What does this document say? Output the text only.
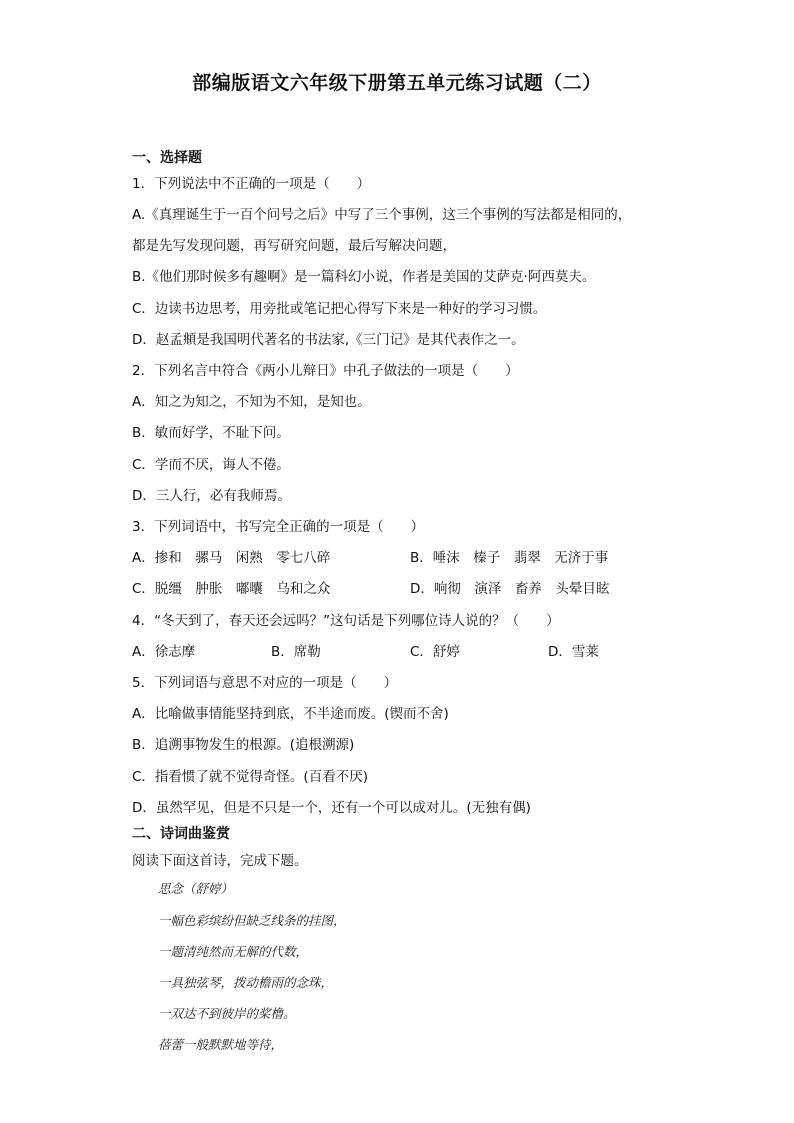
部编版语文六年级下册第五单元练习试题（二）
一、选择题
1．下列说法中不正确的一项是（　　）
A.《真理诞生于一百个问号之后》中写了三个事例，这三个事例的写法都是相同的，
都是先写发现问题，再写研究问题，最后写解决问题，
B.《他们那时候多有趣啊》是一篇科幻小说，作者是美国的艾萨克·阿西莫夫。
C．边读书边思考，用旁批或笔记把心得写下来是一种好的学习习惯。
D．赵孟頫是我国明代著名的书法家,《三门记》是其代表作之一。
2．下列名言中符合《两小儿辩日》中孔子做法的一项是（　　）
A．知之为知之，不知为不知，是知也。
B．敏而好学，不耻下问。
C．学而不厌，诲人不倦。
D．三人行，必有我师焉。
3．下列词语中，书写完全正确的一项是（　　）
A．掺和　骡马　闲熟　零七八碎	B．唾沫　榛子　翡翠　无济于事
C．脱缰　肿胀　嘟囔　乌和之众	D．响彻　演泽　畜养　头晕目眩
4．“冬天到了，春天还会远吗？”这句话是下列哪位诗人说的？（　　）
A．徐志摩	B．席勒	C．舒婷	D．雪莱
5．下列词语与意思不对应的一项是（　　）
A．比喻做事情能坚持到底，不半途而废。(锲而不舍)
B．追溯事物发生的根源。(追根溯源)
C．指看惯了就不觉得奇怪。(百看不厌)
D．虽然罕见，但是不只是一个，还有一个可以成对儿。(无独有偶)
二、诗词曲鉴赏
阅读下面这首诗，完成下题。
思念（舒婷）
一幅色彩缤纷但缺乏线条的挂图，
一题清纯然而无解的代数，
一具独弦琴，拨动檐雨的念珠，
一双达不到彼岸的桨橹。
蓓蕾一般默默地等待，
